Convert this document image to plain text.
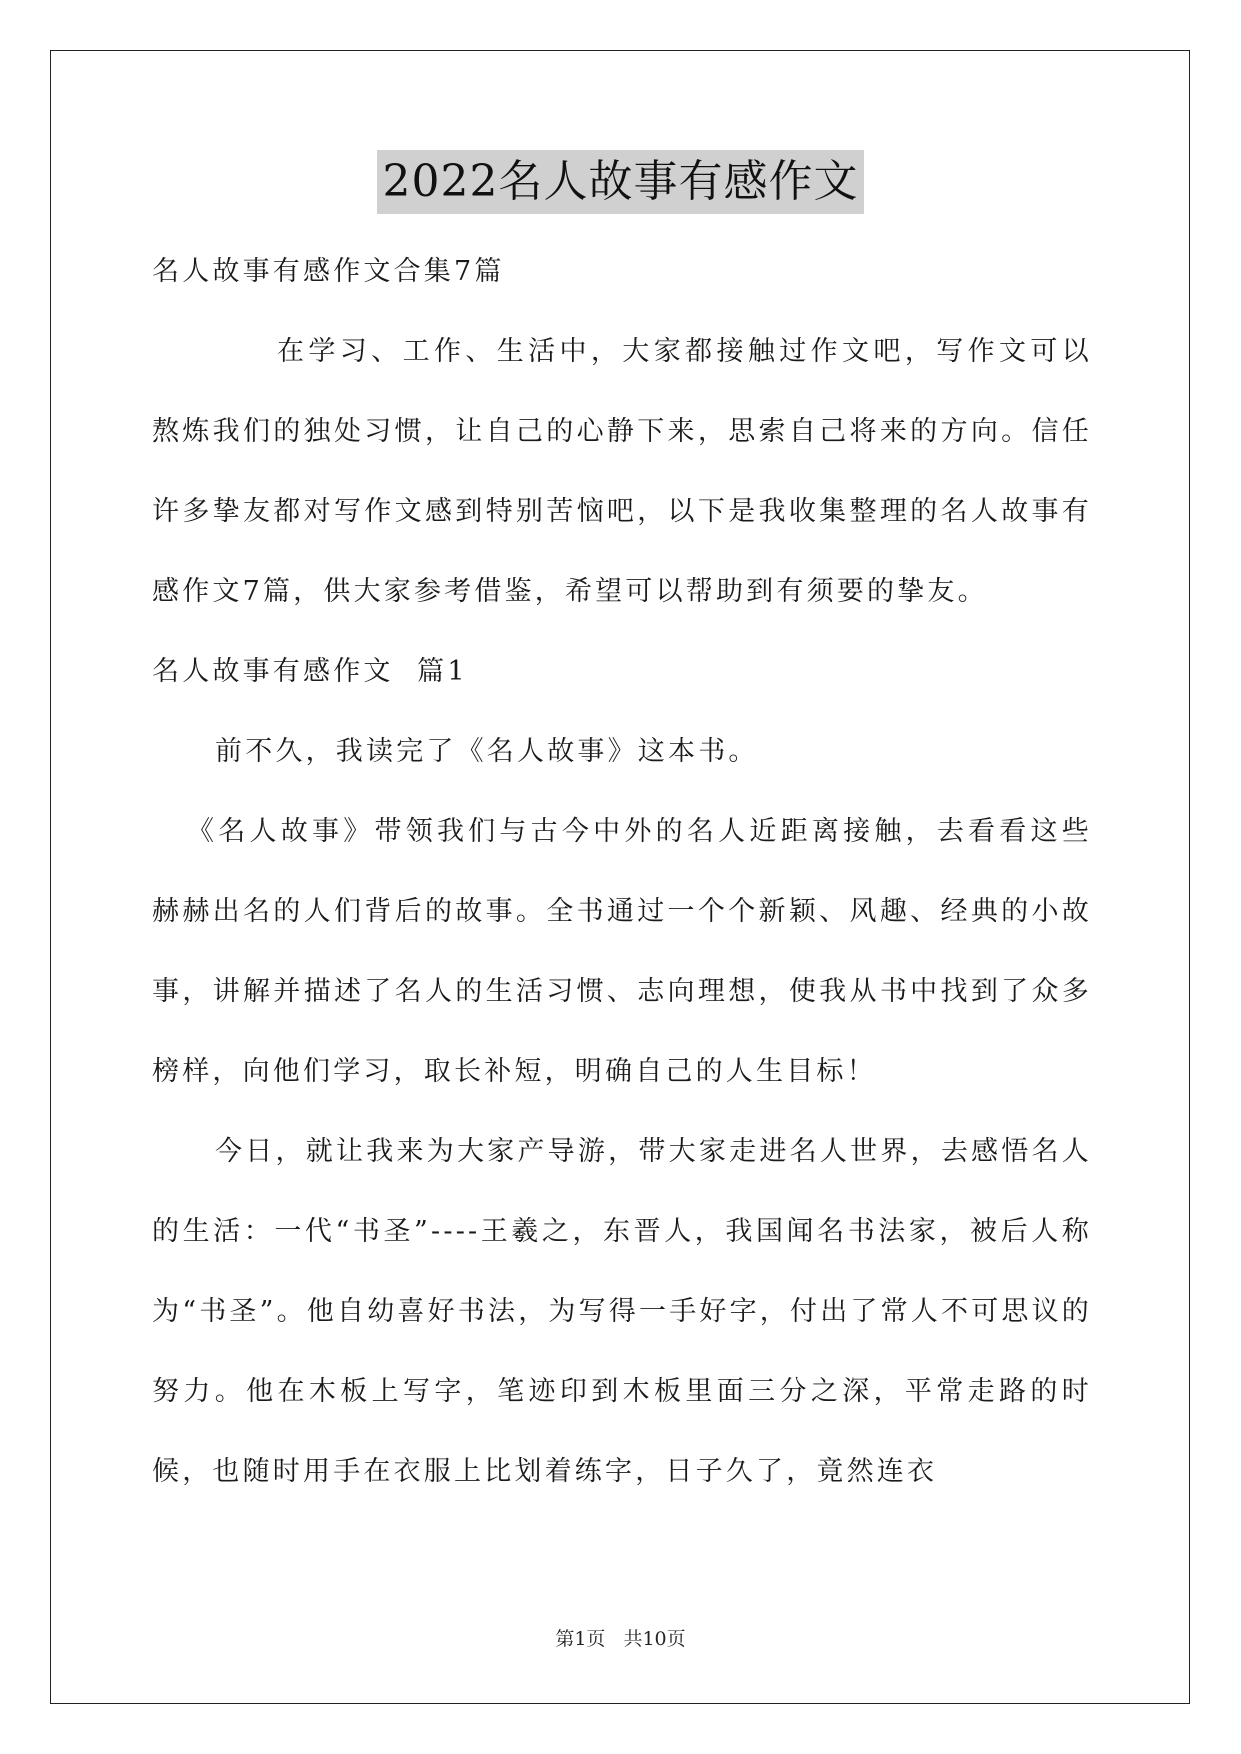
2022名人故事有感作文

名人故事有感作文合集7篇

在学习、工作、生活中，大家都接触过作文吧，写作文可以熬炼我们的独处习惯，让自己的心静下来，思索自己将来的方向。信任许多挚友都对写作文感到特别苦恼吧，以下是我收集整理的名人故事有感作文7篇，供大家参考借鉴，希望可以帮助到有须要的挚友。

名人故事有感作文  篇1

前不久，我读完了《名人故事》这本书。

《名人故事》带领我们与古今中外的名人近距离接触，去看看这些赫赫出名的人们背后的故事。全书通过一个个新颖、风趣、经典的小故事，讲解并描述了名人的生活习惯、志向理想，使我从书中找到了众多榜样，向他们学习，取长补短，明确自己的人生目标！

今日，就让我来为大家产导游，带大家走进名人世界，去感悟名人的生活：一代“书圣”----王羲之，东晋人，我国闻名书法家，被后人称为“书圣”。他自幼喜好书法，为写得一手好字，付出了常人不可思议的努力。他在木板上写字，笔迹印到木板里面三分之深，平常走路的时候，也随时用手在衣服上比划着练字，日子久了，竟然连衣

第1页 共10页
